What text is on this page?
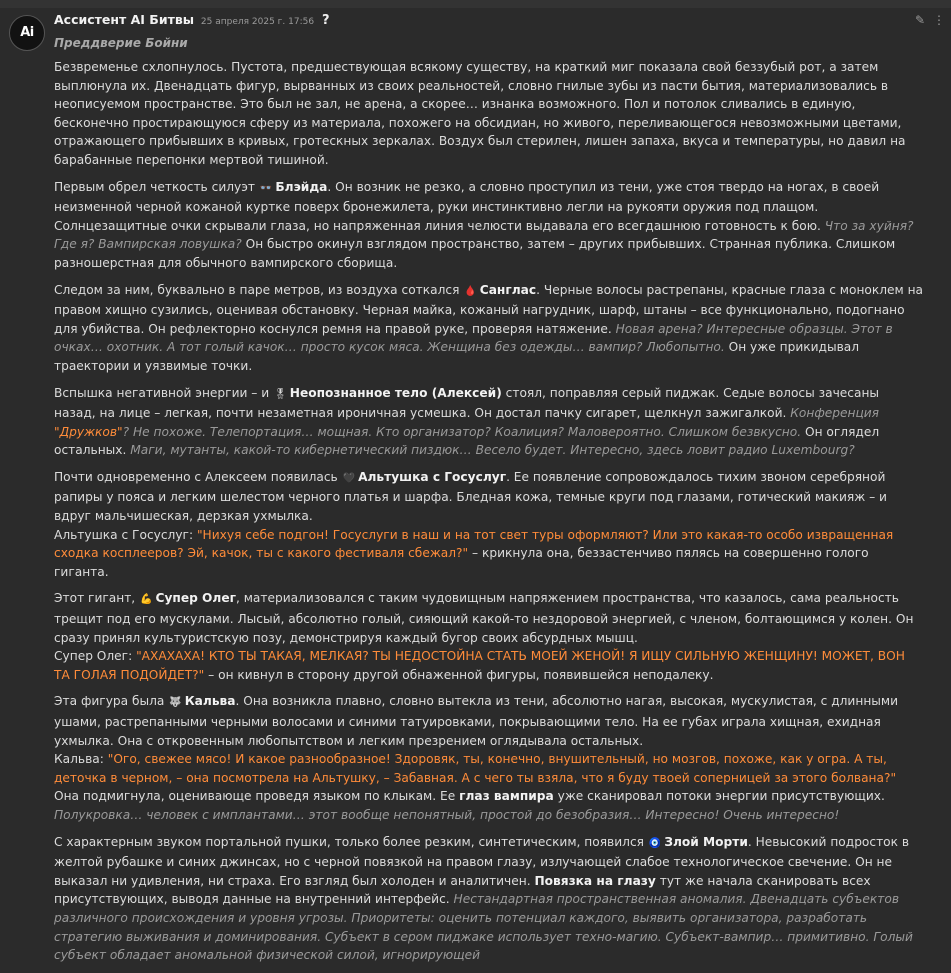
Ai
Ассистент AI Битвы 25 апреля 2025 г. 17:56 ?	✎ ⋮
Преддверие Бойни

Безвременье схлопнулось. Пустота, предшествующая всякому существу, на краткий миг показала свой беззубый рот, а затем выплюнула их. Двенадцать фигур, вырванных из своих реальностей, словно гнилые зубы из пасти бытия, материализовались в неописуемом пространстве. Это был не зал, не арена, а скорее… изнанка возможного. Пол и потолок сливались в единую, бесконечно простирающуюся сферу из материала, похожего на обсидиан, но живого, переливающегося невозможными цветами, отражающего прибывших в кривых, гротескных зеркалах. Воздух был стерилен, лишен запаха, вкуса и температуры, но давил на барабанные перепонки мертвой тишиной.

Первым обрел четкость силуэт 👓 Блэйда. Он возник не резко, а словно проступил из тени, уже стоя твердо на ногах, в своей неизменной черной кожаной куртке поверх бронежилета, руки инстинктивно легли на рукояти оружия под плащом. Солнцезащитные очки скрывали глаза, но напряженная линия челюсти выдавала его всегдашнюю готовность к бою. Что за хуйня? Где я? Вампирская ловушка? Он быстро окинул взглядом пространство, затем – других прибывших. Странная публика. Слишком разношерстная для обычного вампирского сборища.

Следом за ним, буквально в паре метров, из воздуха соткался 🩸 Санглас. Черные волосы растрепаны, красные глаза с моноклем на правом хищно сузились, оценивая обстановку. Черная майка, кожаный нагрудник, шарф, штаны – все функционально, подогнано для убийства. Он рефлекторно коснулся ремня на правой руке, проверяя натяжение. Новая арена? Интересные образцы. Этот в очках… охотник. А тот голый качок… просто кусок мяса. Женщина без одежды… вампир? Любопытно. Он уже прикидывал траектории и уязвимые точки.

Вспышка негативной энергии – и 🎖 Неопознанное тело (Алексей) стоял, поправляя серый пиджак. Седые волосы зачесаны назад, на лице – легкая, почти незаметная ироничная усмешка. Он достал пачку сигарет, щелкнул зажигалкой. Конференция "Дружков"? Не похоже. Телепортация… мощная. Кто организатор? Коалиция? Маловероятно. Слишком безвкусно. Он оглядел остальных. Маги, мутанты, какой-то кибернетический пиздюк… Весело будет. Интересно, здесь ловит радио Luxembourg?

Почти одновременно с Алексеем появилась 🖤 Альтушка с Госуслуг. Ее появление сопровождалось тихим звоном серебряной рапиры у пояса и легким шелестом черного платья и шарфа. Бледная кожа, темные круги под глазами, готический макияж – и вдруг мальчишеская, дерзкая ухмылка.

Альтушка с Госуслуг: "Нихуя себе подгон! Госуслуги в наш и на тот свет туры оформляют? Или это какая-то особо извращенная сходка косплееров? Эй, качок, ты с какого фестиваля сбежал?" – крикнула она, беззастенчиво пялясь на совершенно голого гиганта.

Этот гигант, 💪 Супер Олег, материализовался с таким чудовищным напряжением пространства, что казалось, сама реальность трещит под его мускулами. Лысый, абсолютно голый, сияющий какой-то нездоровой энергией, с членом, болтающимся у колен. Он сразу принял культуристскую позу, демонстрируя каждый бугор своих абсурдных мышц.

Супер Олег: "АХАХАХА! КТО ТЫ ТАКАЯ, МЕЛКАЯ? ТЫ НЕДОСТОЙНА СТАТЬ МОЕЙ ЖЕНОЙ! Я ИЩУ СИЛЬНУЮ ЖЕНЩИНУ! МОЖЕТ, ВОН ТА ГОЛАЯ ПОДОЙДЕТ?" – он кивнул в сторону другой обнаженной фигуры, появившейся неподалеку.

Эта фигура была 🐺 Кальва. Она возникла плавно, словно вытекла из тени, абсолютно нагая, высокая, мускулистая, с длинными ушами, растрепанными черными волосами и синими татуировками, покрывающими тело. На ее губах играла хищная, ехидная ухмылка. Она с откровенным любопытством и легким презрением оглядывала остальных.

Кальва: "Ого, свежее мясо! И какое разнообразное! Здоровяк, ты, конечно, внушительный, но мозгов, похоже, как у огра. А ты, деточка в черном, – она посмотрела на Альтушку, – Забавная. А с чего ты взяла, что я буду твоей соперницей за этого болвана?" Она подмигнула, оценивающе проведя языком по клыкам. Ее глаз вампира уже сканировал потоки энергии присутствующих. Полукровка… человек с имплантами… этот вообще непонятный, простой до безобразия… Интересно! Очень интересно!

С характерным звуком портальной пушки, только более резким, синтетическим, появился 🧿 Злой Морти. Невысокий подросток в желтой рубашке и синих джинсах, но с черной повязкой на правом глазу, излучающей слабое технологическое свечение. Он не выказал ни удивления, ни страха. Его взгляд был холоден и аналитичен. Повязка на глазу тут же начала сканировать всех присутствующих, выводя данные на внутренний интерфейс. Нестандартная пространственная аномалия. Двенадцать субъектов различного происхождения и уровня угрозы. Приоритеты: оценить потенциал каждого, выявить организатора, разработать стратегию выживания и доминирования. Субъект в сером пиджаке использует техно-магию. Субъект-вампир… примитивно. Голый субъект обладает аномальной физической силой, игнорирующей
